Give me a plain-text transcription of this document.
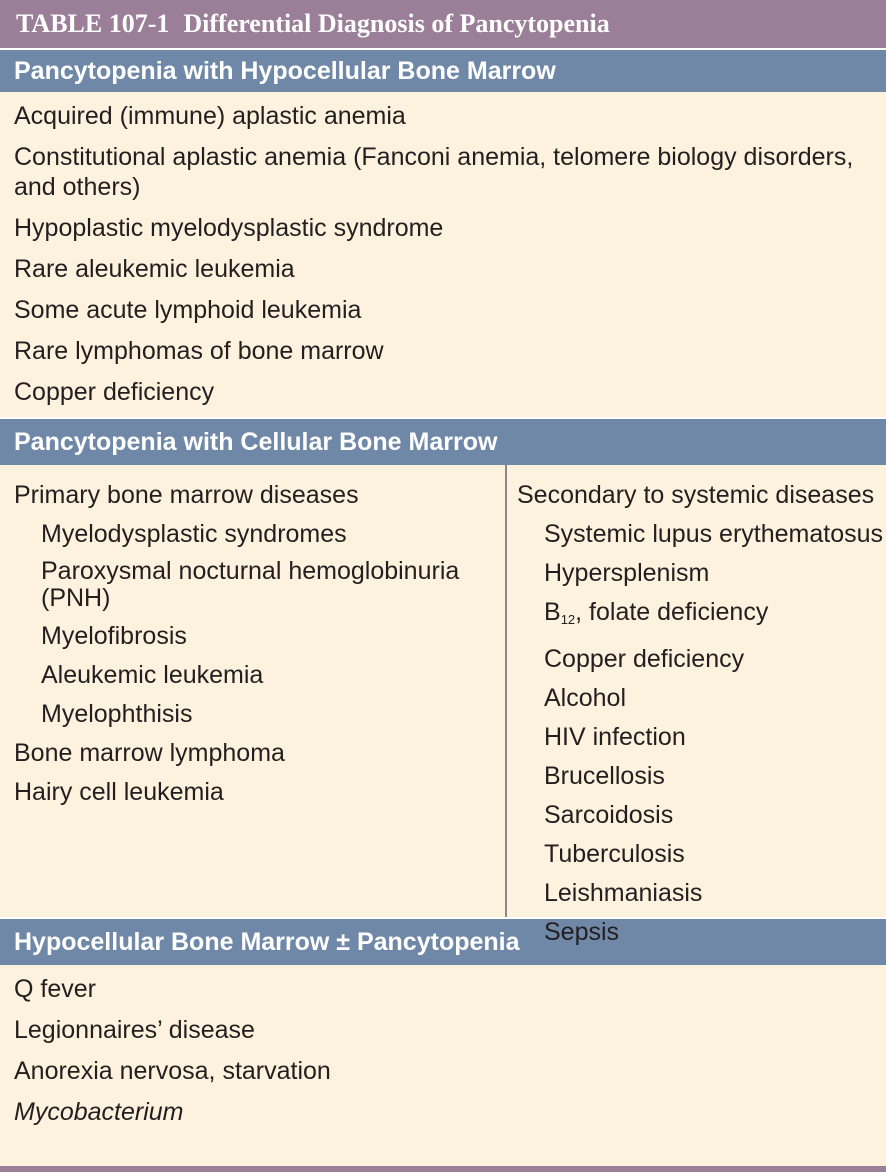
TABLE 107-1 Differential Diagnosis of Pancytopenia
Pancytopenia with Hypocellular Bone Marrow
Acquired (immune) aplastic anemia
Constitutional aplastic anemia (Fanconi anemia, telomere biology disorders, and others)
Hypoplastic myelodysplastic syndrome
Rare aleukemic leukemia
Some acute lymphoid leukemia
Rare lymphomas of bone marrow
Copper deficiency
Pancytopenia with Cellular Bone Marrow
Primary bone marrow diseases
Myelodysplastic syndromes
Paroxysmal nocturnal hemoglobinuria (PNH)
Myelofibrosis
Aleukemic leukemia
Myelophthisis
Bone marrow lymphoma
Hairy cell leukemia
Secondary to systemic diseases
Systemic lupus erythematosus
Hypersplenism
$B_{12}$, folate deficiency
Copper deficiency
Alcohol
HIV infection
Brucellosis
Sarcoidosis
Tuberculosis
Leishmaniasis
Sepsis
Hypocellular Bone Marrow ± Pancytopenia
Q fever
Legionnaires’ disease
Anorexia nervosa, starvation
Mycobacterium
